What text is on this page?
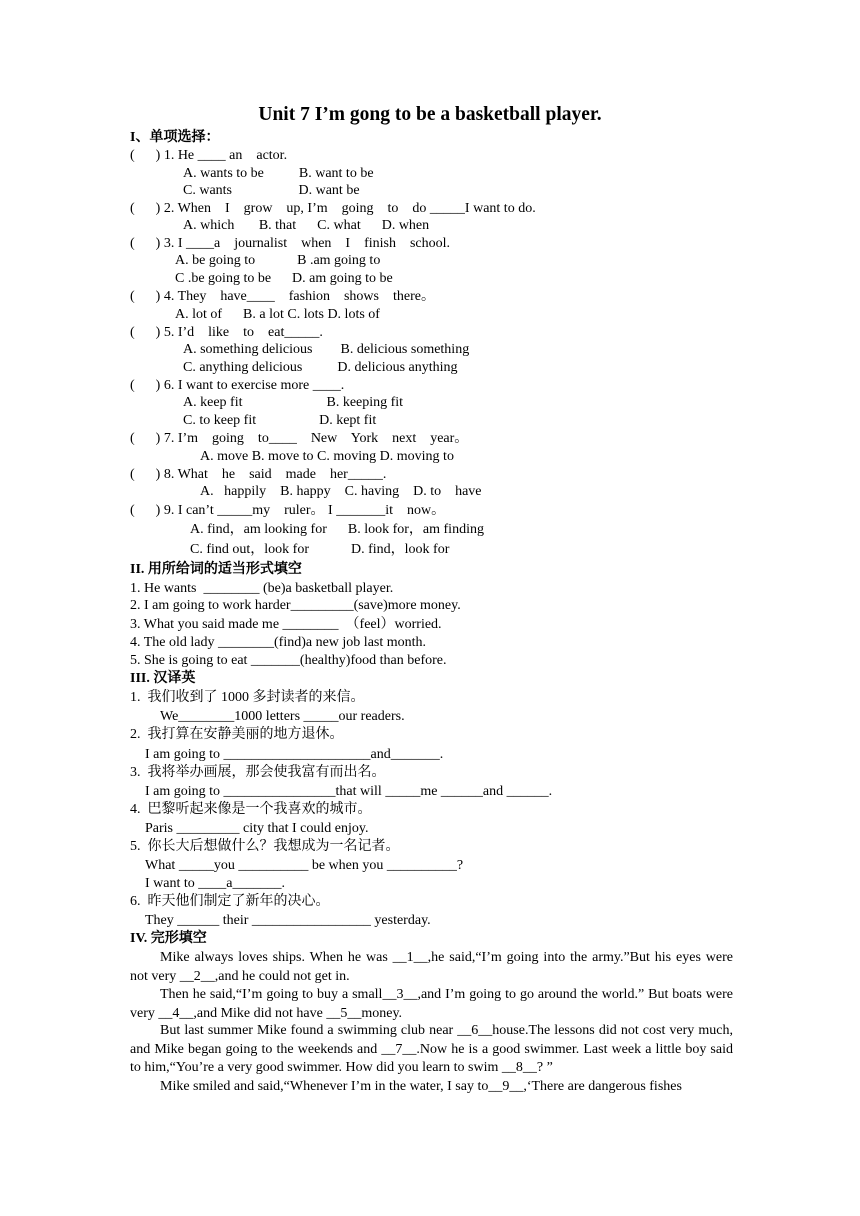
Unit 7 I’m gong to be a basketball player.
I、单项选择：
(      ) 1. He ____ an    actor.
A. wants to be          B. want to be
C. wants                   D. want be
(      ) 2. When    I    grow    up, I’m    going    to    do _____I want to do.
A. which       B. that      C. what      D. when
(      ) 3. I ____a    journalist    when    I    finish    school.
A. be going to            B .am going to
C .be going to be      D. am going to be
(      ) 4. They    have____    fashion    shows    there。
A. lot of      B. a lot C. lots D. lots of
(      ) 5. I’d    like    to    eat_____.
A. something delicious        B. delicious something
C. anything delicious          D. delicious anything
(      ) 6. I want to exercise more ____.
A. keep fit                        B. keeping fit
C. to keep fit                  D. kept fit
(      ) 7. I’m    going    to____    New    York    next    year。
A. move B. move to C. moving D. moving to
(      ) 8. What    he    said    made    her_____.
A.   happily    B. happy    C. having    D. to    have
(      ) 9. I can’t _____my    ruler。 I _______it    now。
A. find，am looking for      B. look for，am finding
C. find out，look for            D. find，look for
II. 用所给词的适当形式填空
1. He wants  ________ (be)a basketball player.
2. I am going to work harder_________(save)more money.
3. What you said made me ________  （feel）worried.
4. The old lady ________(find)a new job last month.
5. She is going to eat _______(healthy)food than before.
III. 汉译英
1.  我们收到了 1000 多封读者的来信。
We________1000 letters _____our readers.
2.  我打算在安静美丽的地方退休。
I am going to _____________________and_______.
3.  我将举办画展，那会使我富有而出名。
I am going to ________________that will _____me ______and ______.
4.  巴黎听起来像是一个我喜欢的城市。
Paris _________ city that I could enjoy.
5.  你长大后想做什么？我想成为一名记者。
What _____you __________ be when you __________?
I want to ____a_______.
6.  昨天他们制定了新年的决心。
They ______ their _________________ yesterday.
IV. 完形填空
Mike always loves ships. When he was __1__,he said,“I’m going into the army.”But his eyes were not very __2__,and he could not get in.
Then he said,“I’m going to buy a small__3__,and I’m going to go around the world.” But boats were very __4__,and Mike did not have __5__money.
But last summer Mike found a swimming club near __6__house.The lessons did not cost very much, and Mike began going to the weekends and __7__.Now he is a good swimmer. Last week a little boy said to him,“You’re a very good swimmer. How did you learn to swim __8__? ”
Mike smiled and said,“Whenever I’m in the water, I say to__9__,‘There are dangerous fishes
